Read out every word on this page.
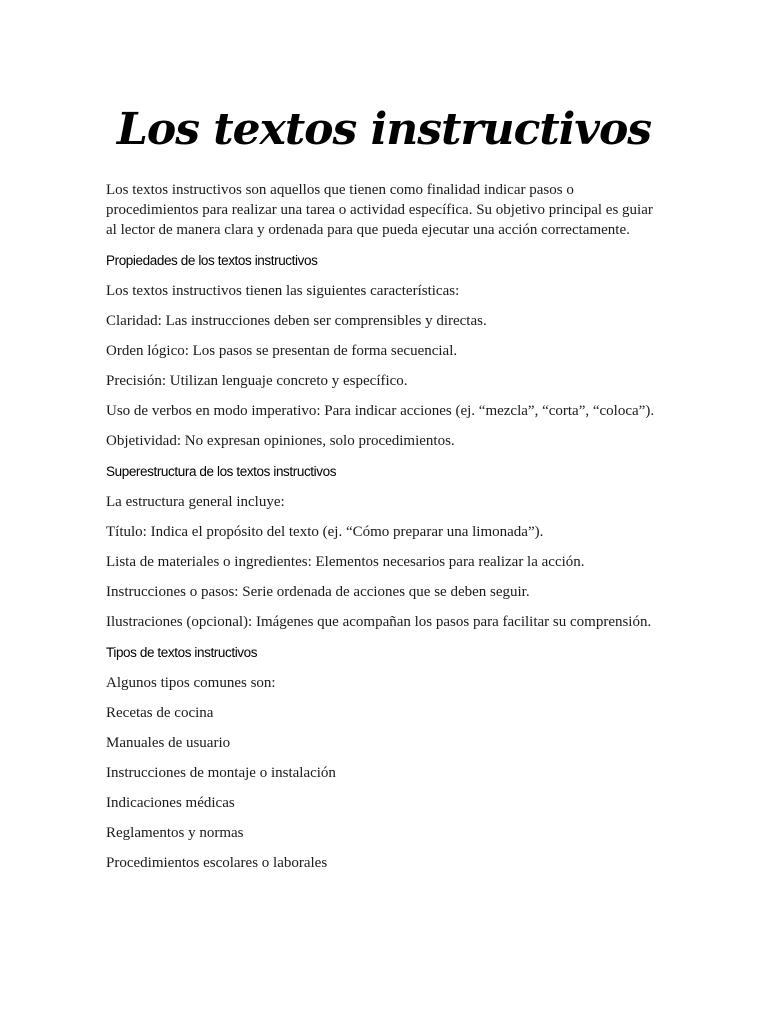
Los textos instructivos

Los textos instructivos son aquellos que tienen como finalidad indicar pasos o procedimientos para realizar una tarea o actividad específica. Su objetivo principal es guiar al lector de manera clara y ordenada para que pueda ejecutar una acción correctamente.

Propiedades de los textos instructivos

Los textos instructivos tienen las siguientes características:

Claridad: Las instrucciones deben ser comprensibles y directas.

Orden lógico: Los pasos se presentan de forma secuencial.

Precisión: Utilizan lenguaje concreto y específico.

Uso de verbos en modo imperativo: Para indicar acciones (ej. “mezcla”, “corta”, “coloca”).

Objetividad: No expresan opiniones, solo procedimientos.

Superestructura de los textos instructivos

La estructura general incluye:

Título: Indica el propósito del texto (ej. “Cómo preparar una limonada”).

Lista de materiales o ingredientes: Elementos necesarios para realizar la acción.

Instrucciones o pasos: Serie ordenada de acciones que se deben seguir.

Ilustraciones (opcional): Imágenes que acompañan los pasos para facilitar su comprensión.

Tipos de textos instructivos

Algunos tipos comunes son:

Recetas de cocina

Manuales de usuario

Instrucciones de montaje o instalación

Indicaciones médicas

Reglamentos y normas

Procedimientos escolares o laborales
